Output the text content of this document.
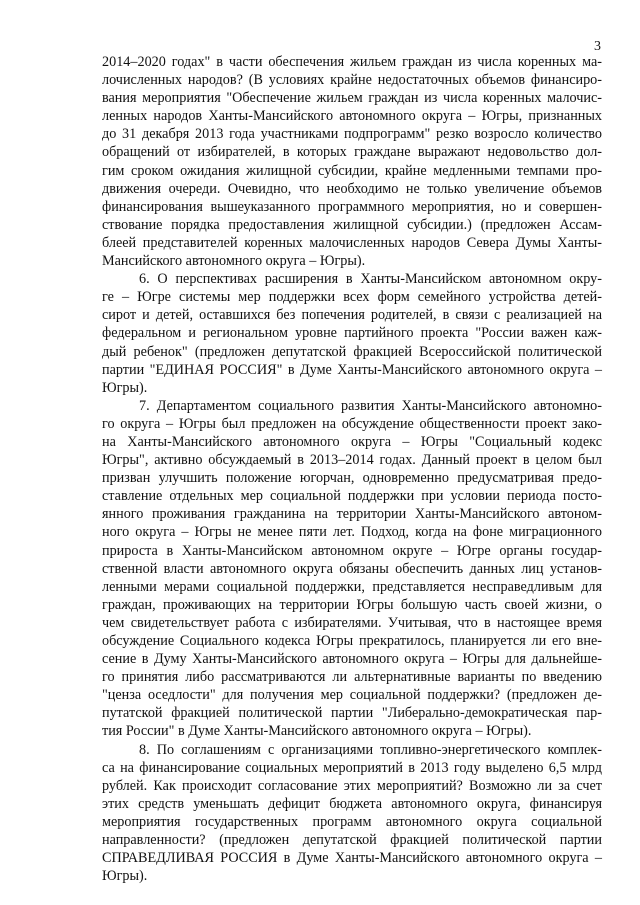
3
2014–2020 годах" в части обеспечения жильем граждан из числа коренных ма-
лочисленных народов? (В условиях крайне недостаточных объемов финансиро-
вания мероприятия "Обеспечение жильем граждан из числа коренных малочис-
ленных народов Ханты-Мансийского автономного округа – Югры, признанных
до 31 декабря 2013 года участниками подпрограмм" резко возросло количество
обращений от избирателей, в которых граждане выражают недовольство дол-
гим сроком ожидания жилищной субсидии, крайне медленными темпами про-
движения очереди. Очевидно, что необходимо не только увеличение объемов
финансирования вышеуказанного программного мероприятия, но и совершен-
ствование порядка предоставления жилищной субсидии.) (предложен Ассам-
блеей представителей коренных малочисленных народов Севера Думы Ханты-
Мансийского автономного округа – Югры).
6. О перспективах расширения в Ханты-Мансийском автономном окру-
ге – Югре системы мер поддержки всех форм семейного устройства детей-
сирот и детей, оставшихся без попечения родителей, в связи с реализацией на
федеральном и региональном уровне партийного проекта "России важен каж-
дый ребенок" (предложен депутатской фракцией Всероссийской политической
партии "ЕДИНАЯ РОССИЯ" в Думе Ханты-Мансийского автономного округа –
Югры).
7. Департаментом социального развития Ханты-Мансийского автономно-
го округа – Югры был предложен на обсуждение общественности проект зако-
на Ханты-Мансийского автономного округа – Югры "Социальный кодекс
Югры", активно обсуждаемый в 2013–2014 годах. Данный проект в целом был
призван улучшить положение югорчан, одновременно предусматривая предо-
ставление отдельных мер социальной поддержки при условии периода посто-
янного проживания гражданина на территории Ханты-Мансийского автоном-
ного округа – Югры не менее пяти лет. Подход, когда на фоне миграционного
прироста в Ханты-Мансийском автономном округе – Югре органы государ-
ственной власти автономного округа обязаны обеспечить данных лиц установ-
ленными мерами социальной поддержки, представляется несправедливым для
граждан, проживающих на территории Югры большую часть своей жизни, о
чем свидетельствует работа с избирателями. Учитывая, что в настоящее время
обсуждение Социального кодекса Югры прекратилось, планируется ли его вне-
сение в Думу Ханты-Мансийского автономного округа – Югры для дальнейше-
го принятия либо рассматриваются ли альтернативные варианты по введению
"ценза оседлости" для получения мер социальной поддержки? (предложен де-
путатской фракцией политической партии "Либерально-демократическая пар-
тия России" в Думе Ханты-Мансийского автономного округа – Югры).
8. По соглашениям с организациями топливно-энергетического комплек-
са на финансирование социальных мероприятий в 2013 году выделено 6,5 млрд
рублей. Как происходит согласование этих мероприятий? Возможно ли за счет
этих средств уменьшать дефицит бюджета автономного округа, финансируя
мероприятия государственных программ автономного округа социальной
направленности? (предложен депутатской фракцией политической партии
СПРАВЕДЛИВАЯ РОССИЯ в Думе Ханты-Мансийского автономного округа –
Югры).
